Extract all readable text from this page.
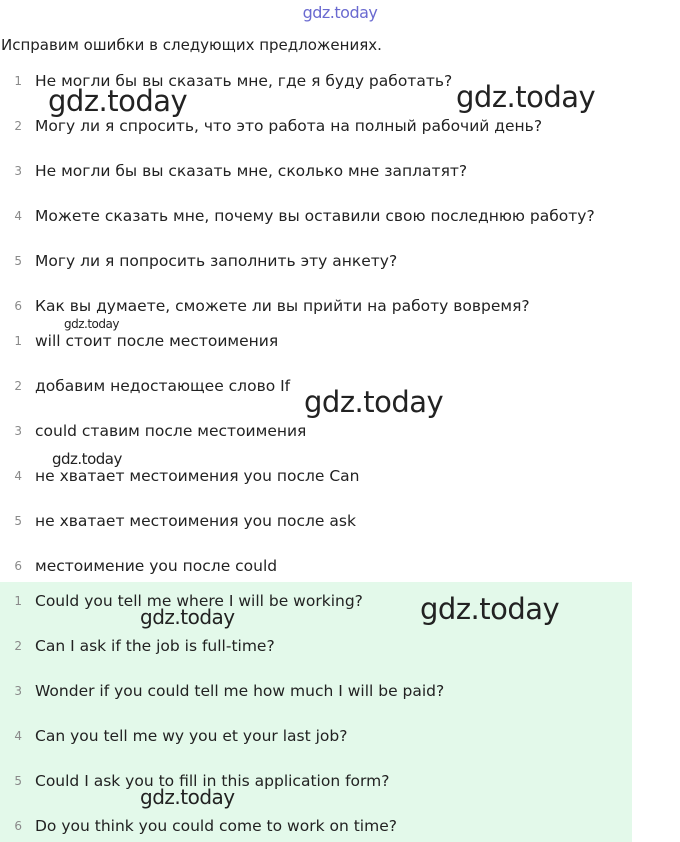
gdz.today
Исправим ошибки в следующих предложениях.
1 Не могли бы вы сказать мне, где я буду работать?
2 Могу ли я спросить, что это работа на полный рабочий день?
3 Не могли бы вы сказать мне, сколько мне заплатят?
4 Можете сказать мне, почему вы оставили свою последнюю работу?
5 Могу ли я попросить заполнить эту анкету?
6 Как вы думаете, сможете ли вы прийти на работу вовремя?
1 will стоит после местоимения
2 добавим недостающее слово If
3 could ставим после местоимения
4 не хватает местоимения you после Can
5 не хватает местоимения you после ask
6 местоимение you после could
1 Could you tell me where I will be working?
2 Can I ask if the job is full-time?
3 Wonder if you could tell me how much I will be paid?
4 Can you tell me wy you et your last job?
5 Could I ask you to fill in this application form?
6 Do you think you could come to work on time?
gdz.today	gdz.today
gdz.today
gdz.today
gdz.today
gdz.today
gdz.today
gdz.today
